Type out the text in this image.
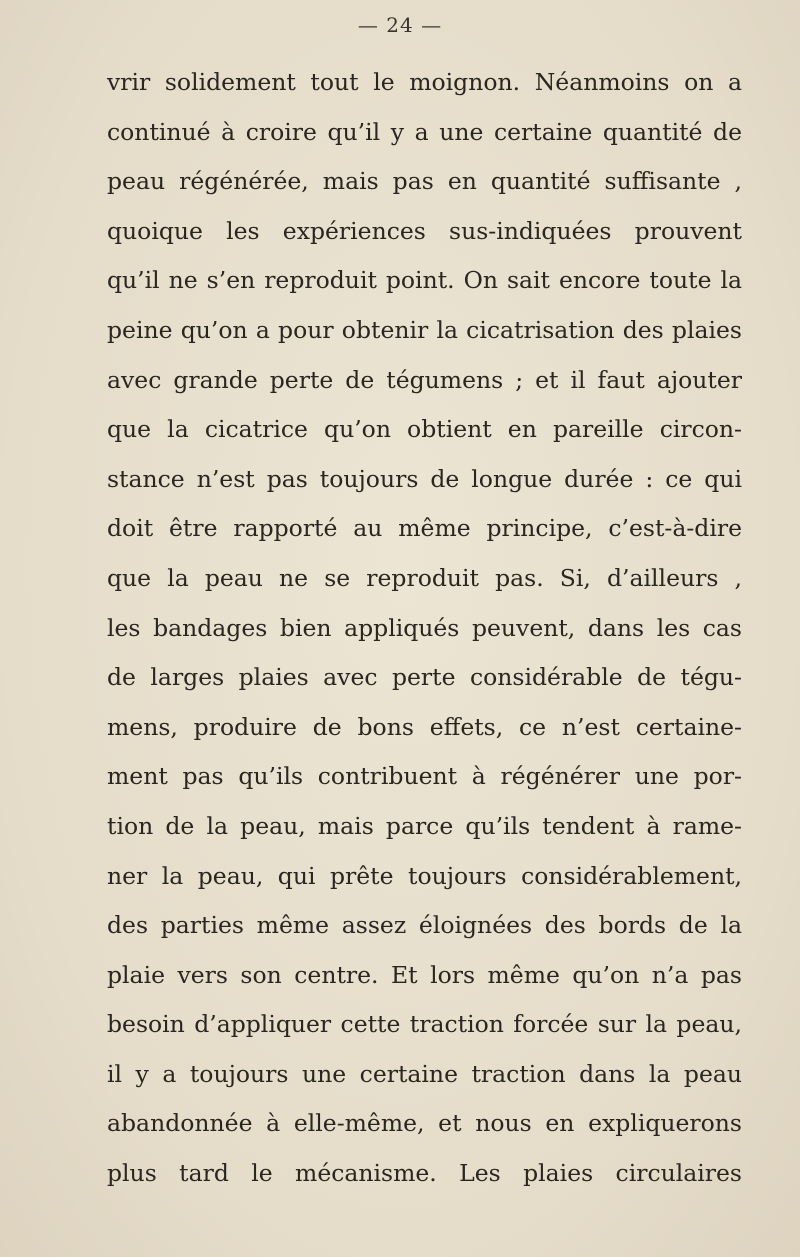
— 24 —
vrir solidement tout le moignon. Néanmoins on a
continué à croire qu’il y a une certaine quantité de
peau régénérée, mais pas en quantité suffisante ,
quoique les expériences sus-indiquées prouvent
qu’il ne s’en reproduit point. On sait encore toute la
peine qu’on a pour obtenir la cicatrisation des plaies
avec grande perte de tégumens ; et il faut ajouter
que la cicatrice qu’on obtient en pareille circon-
stance n’est pas toujours de longue durée : ce qui
doit être rapporté au même principe, c’est-à-dire
que la peau ne se reproduit pas. Si, d’ailleurs ,
les bandages bien appliqués peuvent, dans les cas
de larges plaies avec perte considérable de tégu-
mens, produire de bons effets, ce n’est certaine-
ment pas qu’ils contribuent à régénérer une por-
tion de la peau, mais parce qu’ils tendent à rame-
ner la peau, qui prête toujours considérablement,
des parties même assez éloignées des bords de la
plaie vers son centre. Et lors même qu’on n’a pas
besoin d’appliquer cette traction forcée sur la peau,
il y a toujours une certaine traction dans la peau
abandonnée à elle-même, et nous en expliquerons
plus tard le mécanisme. Les plaies circulaires
